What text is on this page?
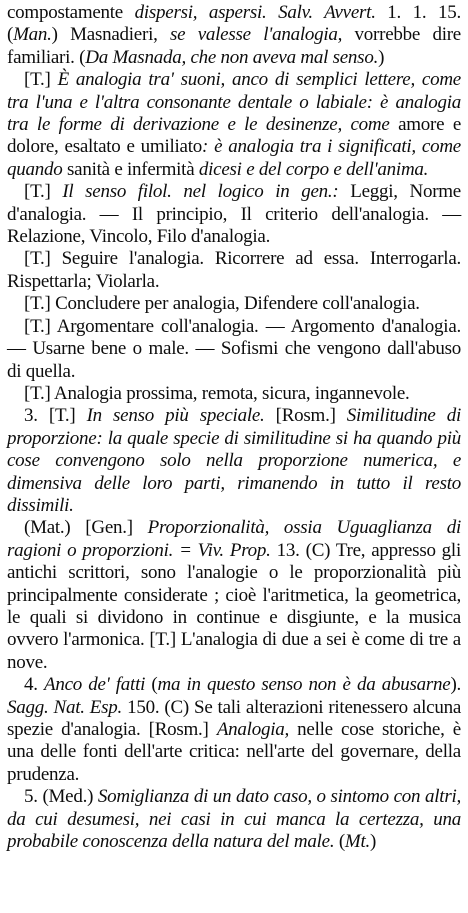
compostamente dispersi, aspersi. Salv. Avvert. 1. 1. 15. (Man.) Masnadieri, se valesse l'analogia, vorrebbe dire familiari. (Da Masnada, che non aveva mal senso.)

[T.] È analogia tra' suoni, anco di semplici lettere, come tra l'una e l'altra consonante dentale o labiale: è analogia tra le forme di derivazione e le desinenze, come amore e dolore, esaltato e umiliato: è analogia tra i significati, come quando sanità e infermità dicesi e del corpo e dell'anima.

[T.] Il senso filol. nel logico in gen.: Leggi, Norme d'analogia. — Il principio, Il criterio dell'analogia. — Relazione, Vincolo, Filo d'analogia.

[T.] Seguire l'analogia. Ricorrere ad essa. Interrogarla. Rispettarla; Violarla.

[T.] Concludere per analogia, Difendere coll'analogia.

[T.] Argomentare coll'analogia. — Argomento d'analogia. — Usarne bene o male. — Sofismi che vengono dall'abuso di quella.

[T.] Analogia prossima, remota, sicura, ingannevole.

3. [T.] In senso più speciale. [Rosm.] Similitudine di proporzione: la quale specie di similitudine si ha quando più cose convengono solo nella proporzione numerica, e dimensiva delle loro parti, rimanendo in tutto il resto dissimili.

(Mat.) [Gen.] Proporzionalità, ossia Uguaglianza di ragioni o proporzioni. = Viv. Prop. 13. (C) Tre, appresso gli antichi scrittori, sono l'analogie o le proporzionalità più principalmente considerate ; cioè l'aritmetica, la geometrica, le quali si dividono in continue e disgiunte, e la musica ovvero l'armonica. [T.] L'analogia di due a sei è come di tre a nove.

4. Anco de' fatti (ma in questo senso non è da abusarne). Sagg. Nat. Esp. 150. (C) Se tali alterazioni ritenessero alcuna spezie d'analogia. [Rosm.] Analogia, nelle cose storiche, è una delle fonti dell'arte critica: nell'arte del governare, della prudenza.

5. (Med.) Somiglianza di un dato caso, o sintomo con altri, da cui desumesi, nei casi in cui manca la certezza, una probabile conoscenza della natura del male. (Mt.)
